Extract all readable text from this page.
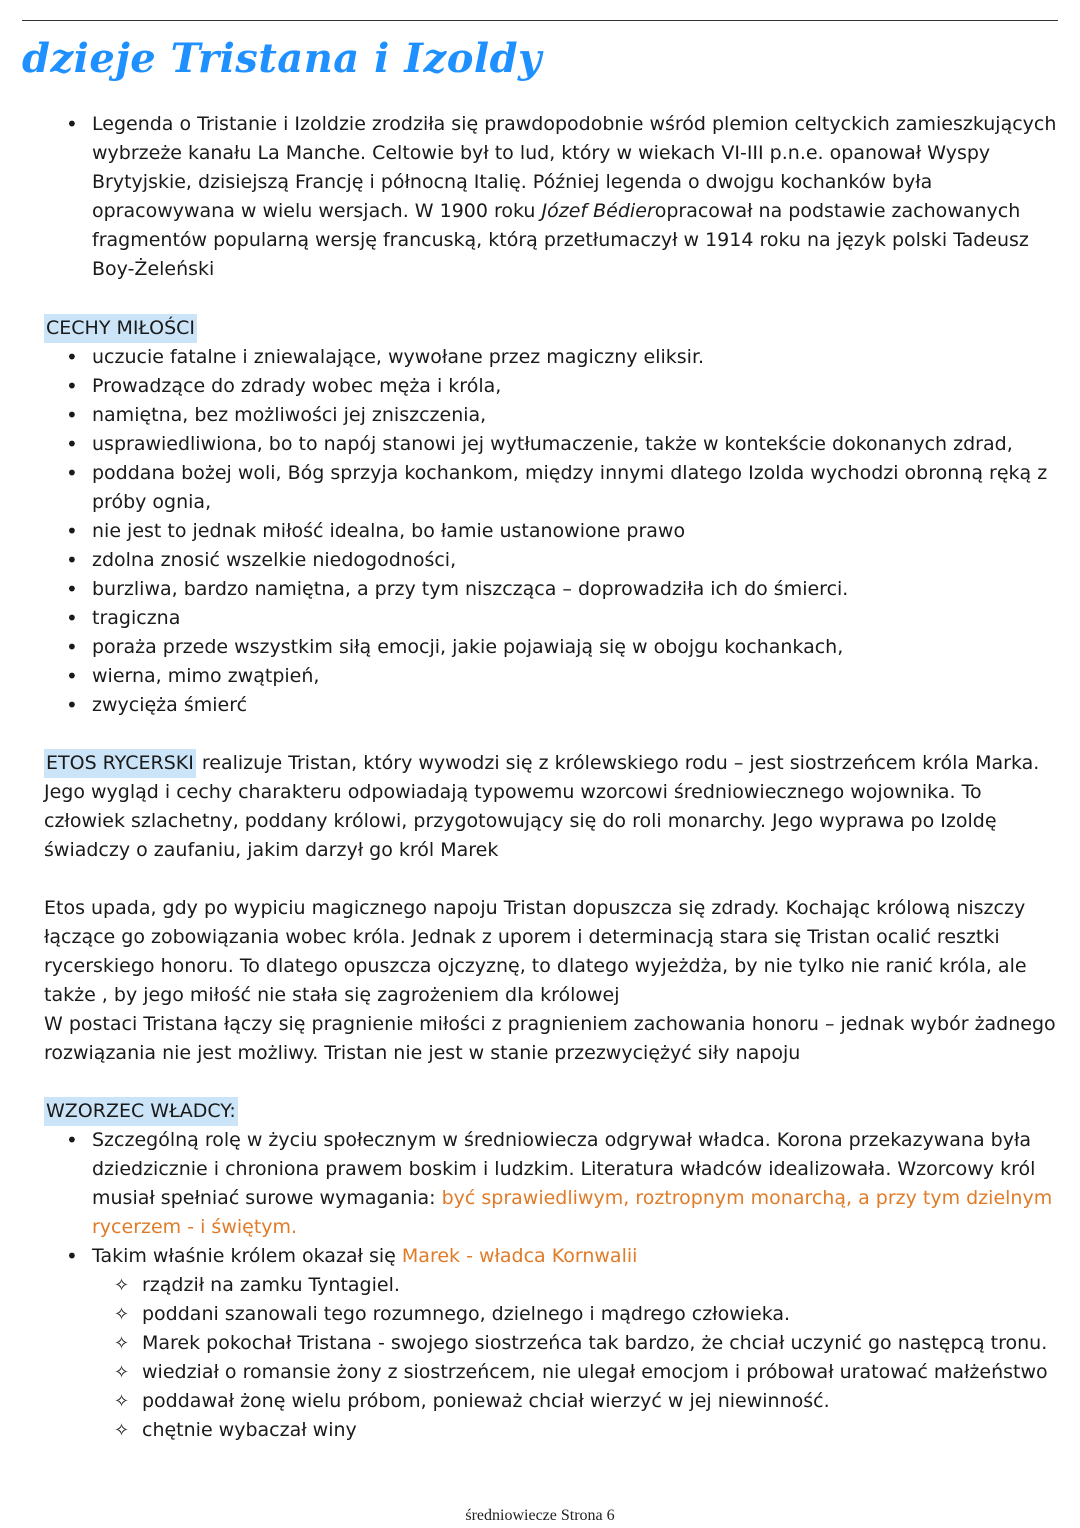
dzieje Tristana i Izoldy
• Legenda o Tristanie i Izoldzie zrodziła się prawdopodobnie wśród plemion celtyckich zamieszkujących wybrzeże kanału La Manche. Celtowie był to lud, który w wiekach VI-III p.n.e. opanował Wyspy Brytyjskie, dzisiejszą Francję i północną Italię. Później legenda o dwojgu kochanków była opracowywana w wielu wersjach. W 1900 roku Józef Bédieropracował na podstawie zachowanych fragmentów popularną wersję francuską, którą przetłumaczył w 1914 roku na język polski Tadeusz Boy-Żeleński
CECHY MIŁOŚCI
• uczucie fatalne i zniewalające, wywołane przez magiczny eliksir.
• Prowadzące do zdrady wobec męża i króla,
• namiętna, bez możliwości jej zniszczenia,
• usprawiedliwiona, bo to napój stanowi jej wytłumaczenie, także w kontekście dokonanych zdrad,
• poddana bożej woli, Bóg sprzyja kochankom, między innymi dlatego Izolda wychodzi obronną ręką z próby ognia,
• nie jest to jednak miłość idealna, bo łamie ustanowione prawo
• zdolna znosić wszelkie niedogodności,
• burzliwa, bardzo namiętna, a przy tym niszcząca – doprowadziła ich do śmierci.
• tragiczna
• poraża przede wszystkim siłą emocji, jakie pojawiają się w obojgu kochankach,
• wierna, mimo zwątpień,
• zwycięża śmierć

ETOS RYCERSKI realizuje Tristan, który wywodzi się z królewskiego rodu – jest siostrzeńcem króla Marka. Jego wygląd i cechy charakteru odpowiadają typowemu wzorcowi średniowiecznego wojownika. To człowiek szlachetny, poddany królowi, przygotowujący się do roli monarchy. Jego wyprawa po Izoldę świadczy o zaufaniu, jakim darzył go król Marek

Etos upada, gdy po wypiciu magicznego napoju Tristan dopuszcza się zdrady. Kochając królową niszczy łączące go zobowiązania wobec króla. Jednak z uporem i determinacją stara się Tristan ocalić resztki rycerskiego honoru. To dlatego opuszcza ojczyznę, to dlatego wyjeżdża, by nie tylko nie ranić króla, ale także , by jego miłość nie stała się zagrożeniem dla królowej

W postaci Tristana łączy się pragnienie miłości z pragnieniem zachowania honoru – jednak wybór żadnego rozwiązania nie jest możliwy. Tristan nie jest w stanie przezwyciężyć siły napoju

WZORZEC WŁADCY:
• Szczególną rolę w życiu społecznym w średniowiecza odgrywał władca. Korona przekazywana była dziedzicznie i chroniona prawem boskim i ludzkim. Literatura władców idealizowała. Wzorcowy król musiał spełniać surowe wymagania: być sprawiedliwym, roztropnym monarchą, a przy tym dzielnym rycerzem - i świętym.
• Takim właśnie królem okazał się Marek - władca Kornwalii
✧ rządził na zamku Tyntagiel.
✧ poddani szanowali tego rozumnego, dzielnego i mądrego człowieka.
✧ Marek pokochał Tristana - swojego siostrzeńca tak bardzo, że chciał uczynić go następcą tronu.
✧ wiedział o romansie żony z siostrzeńcem, nie ulegał emocjom i próbował uratować małżeństwo
✧ poddawał żonę wielu próbom, ponieważ chciał wierzyć w jej niewinność.
✧ chętnie wybaczał winy
średniowiecze Strona 6
